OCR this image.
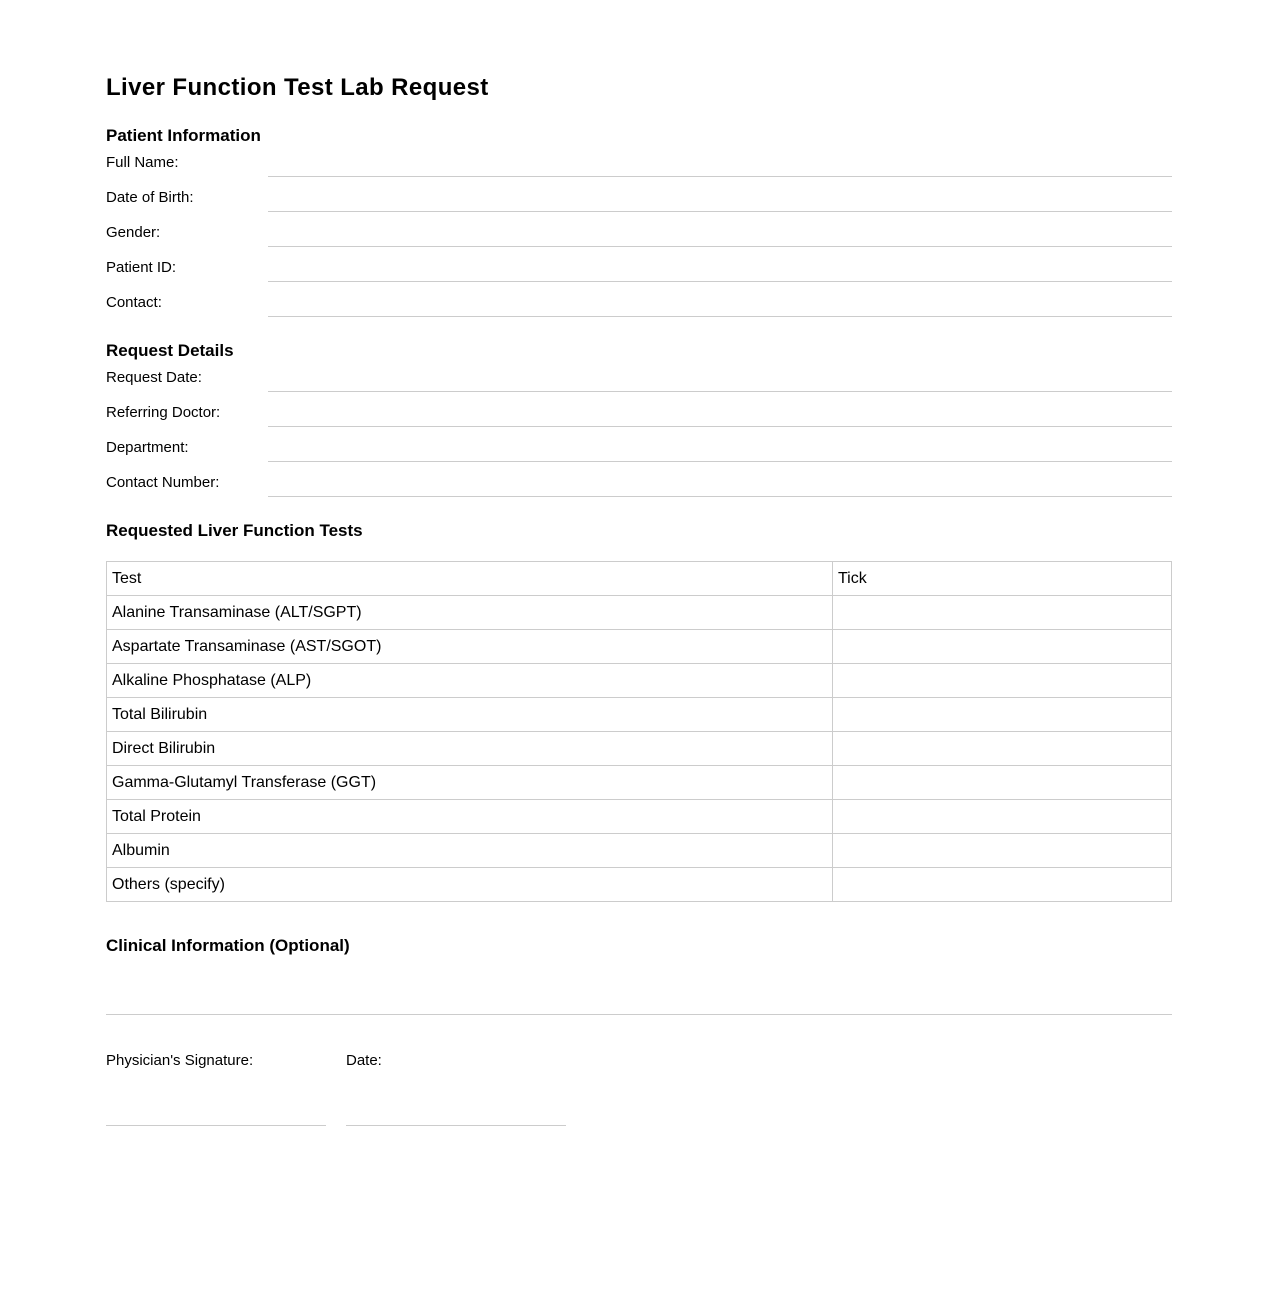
Liver Function Test Lab Request
Patient Information
Full Name:
Date of Birth:
Gender:
Patient ID:
Contact:
Request Details
Request Date:
Referring Doctor:
Department:
Contact Number:
Requested Liver Function Tests
Test	Tick
Alanine Transaminase (ALT/SGPT)	
Aspartate Transaminase (AST/SGOT)	
Alkaline Phosphatase (ALP)	
Total Bilirubin	
Direct Bilirubin	
Gamma-Glutamyl Transferase (GGT)	
Total Protein	
Albumin	
Others (specify)	
Clinical Information (Optional)
Physician's Signature:	Date:
